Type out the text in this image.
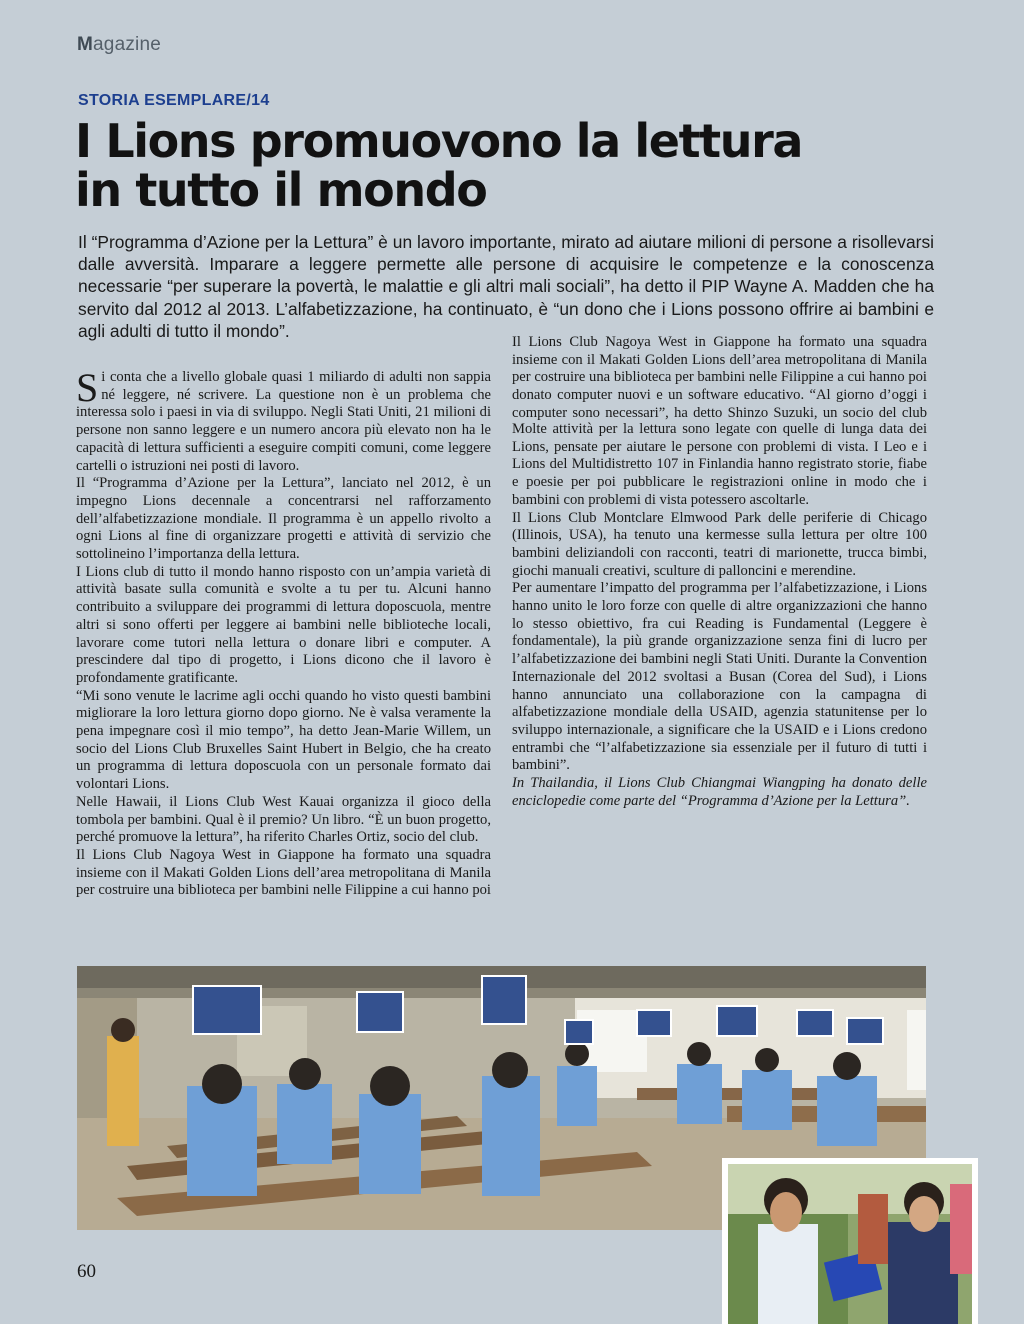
Magazine
STORIA ESEMPLARE/14
I Lions promuovono la lettura
in tutto il mondo

Il “Programma d’Azione per la Lettura” è un lavoro importante, mirato ad aiutare milioni di persone a risollevarsi dalle avversità. Imparare a leggere permette alle persone di acquisire le competenze e la conoscenza necessarie “per superare la povertà, le malattie e gli altri mali sociali”, ha detto il PIP Wayne A. Madden che ha servito dal 2012 al 2013. L’alfabetizzazione, ha continuato, è “un dono che i Lions possono offrire ai bambini e agli adulti di tutto il mondo”.

Si conta che a livello globale quasi 1 miliardo di adulti non sappia né leggere, né scrivere. La questione non è un problema che interessa solo i paesi in via di sviluppo. Negli Stati Uniti, 21 milioni di persone non sanno leggere e un numero ancora più elevato non ha le capacità di lettura sufficienti a eseguire compiti comuni, come leggere cartelli o istruzioni nei posti di lavoro.

Il “Programma d’Azione per la Lettura”, lanciato nel 2012, è un impegno Lions decennale a concentrarsi nel rafforzamento dell’alfabetizzazione mondiale. Il programma è un appello rivolto a ogni Lions al fine di organizzare progetti e attività di servizio che sottolineino l’importanza della lettura.

I Lions club di tutto il mondo hanno risposto con un’ampia varietà di attività basate sulla comunità e svolte a tu per tu. Alcuni hanno contribuito a sviluppare dei programmi di lettura doposcuola, mentre altri si sono offerti per leggere ai bambini nelle biblioteche locali, lavorare come tutori nella lettura o donare libri e computer. A prescindere dal tipo di progetto, i Lions dicono che il lavoro è profondamente gratificante.

“Mi sono venute le lacrime agli occhi quando ho visto questi bambini migliorare la loro lettura giorno dopo giorno. Ne è valsa veramente la pena impegnare così il mio tempo”, ha detto Jean-Marie Willem, un socio del Lions Club Bruxelles Saint Hubert in Belgio, che ha creato un programma di lettura doposcuola con un personale formato dai volontari Lions.

Nelle Hawaii, il Lions Club West Kauai organizza il gioco della tombola per bambini. Qual è il premio? Un libro. “È un buon progetto, perché promuove la lettura”, ha riferito Charles Ortiz, socio del club.

Il Lions Club Nagoya West in Giappone ha formato una squadra insieme con il Makati Golden Lions dell’area metropolitana di Manila per costruire una biblioteca per bambini nelle Filippine a cui hanno poi

Il Lions Club Nagoya West in Giappone ha formato una squadra insieme con il Makati Golden Lions dell’area metropolitana di Manila per costruire una biblioteca per bambini nelle Filippine a cui hanno poi donato computer nuovi e un software educativo. “Al giorno d’oggi i computer sono necessari”, ha detto Shinzo Suzuki, un socio del club

Molte attività per la lettura sono legate con quelle di lunga data dei Lions, pensate per aiutare le persone con problemi di vista. I Leo e i Lions del Multidistretto 107 in Finlandia hanno registrato storie, fiabe e poesie per poi pubblicare le registrazioni online in modo che i bambini con problemi di vista potessero ascoltarle.

Il Lions Club Montclare Elmwood Park delle periferie di Chicago (Illinois, USA), ha tenuto una kermesse sulla lettura per oltre 100 bambini deliziandoli con racconti, teatri di marionette, trucca bimbi, giochi manuali creativi, sculture di palloncini e merendine.

Per aumentare l’impatto del programma per l’alfabetizzazione, i Lions hanno unito le loro forze con quelle di altre organizzazioni che hanno lo stesso obiettivo, fra cui Reading is Fundamental (Leggere è fondamentale), la più grande organizzazione senza fini di lucro per l’alfabetizzazione dei bambini negli Stati Uniti. Durante la Convention Internazionale del 2012 svoltasi a Busan (Corea del Sud), i Lions hanno annunciato una collaborazione con la campagna di alfabetizzazione mondiale della USAID, agenzia statunitense per lo sviluppo internazionale, a significare che la USAID e i Lions credono entrambi che “l’alfabetizzazione sia essenziale per il futuro di tutti i bambini”.

In Thailandia, il Lions Club Chiangmai Wiangping ha donato delle enciclopedie come parte del “Programma d’Azione per la Lettura”.

60
